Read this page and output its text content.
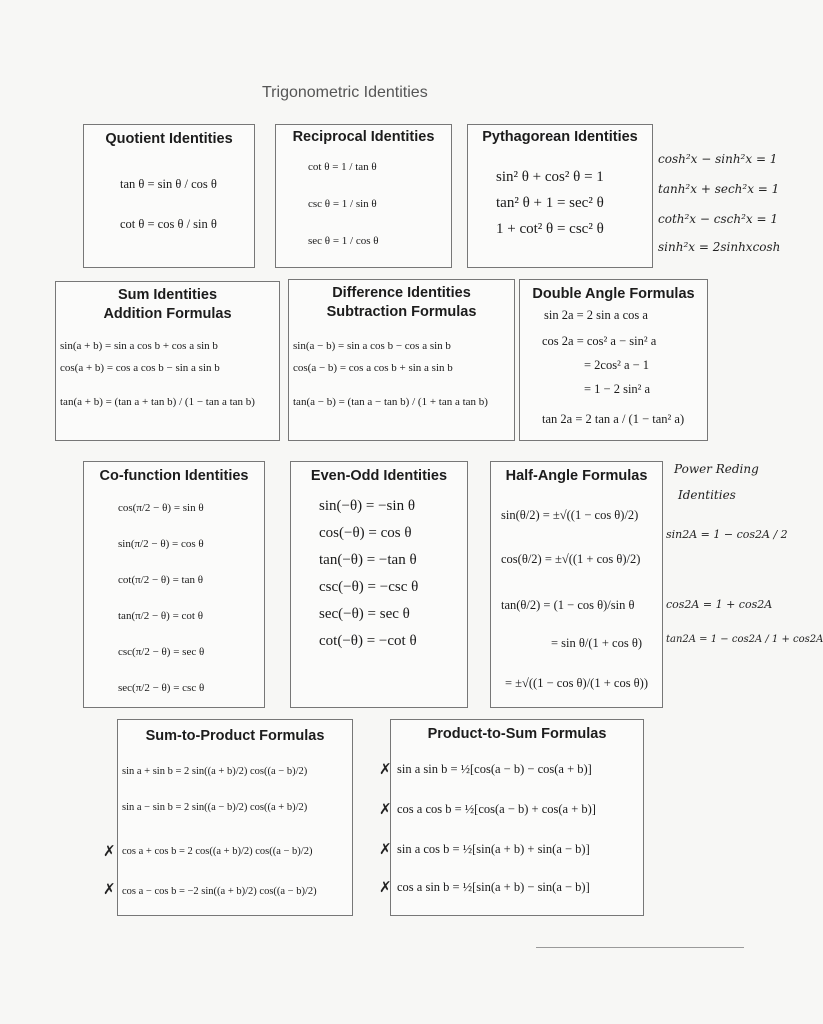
Trigonometric Identities
Quotient Identities
tan θ = sin θ / cos θ
cot θ = cos θ / sin θ
Reciprocal Identities
cot θ = 1 / tan θ
csc θ = 1 / sin θ
sec θ = 1 / cos θ
Pythagorean Identities
sin² θ + cos² θ = 1
tan² θ + 1 = sec² θ
1 + cot² θ = csc² θ
cosh²x − sinh²x = 1
tanh²x + sech²x = 1
coth²x − csch²x = 1
sinh²x = 2sinhxcosh
Sum Identities
Addition Formulas
sin(a + b) = sin a cos b + cos a sin b
cos(a + b) = cos a cos b − sin a sin b
tan(a + b) = (tan a + tan b) / (1 − tan a tan b)
Difference Identities
Subtraction Formulas
sin(a − b) = sin a cos b − cos a sin b
cos(a − b) = cos a cos b + sin a sin b
tan(a − b) = (tan a − tan b) / (1 + tan a tan b)
Double Angle Formulas
sin 2a = 2 sin a cos a
cos 2a = cos² a − sin² a
= 2cos² a − 1
= 1 − 2 sin² a
tan 2a = 2 tan a / (1 − tan² a)
Co-function Identities
cos(π/2 − θ) = sin θ
sin(π/2 − θ) = cos θ
cot(π/2 − θ) = tan θ
tan(π/2 − θ) = cot θ
csc(π/2 − θ) = sec θ
sec(π/2 − θ) = csc θ
Even-Odd Identities
sin(−θ) = −sin θ
cos(−θ) = cos θ
tan(−θ) = −tan θ
csc(−θ) = −csc θ
sec(−θ) = sec θ
cot(−θ) = −cot θ
Half-Angle Formulas
sin(θ/2) = ±√((1 − cos θ)/2)
cos(θ/2) = ±√((1 + cos θ)/2)
tan(θ/2) = (1 − cos θ)/sin θ
= sin θ/(1 + cos θ)
= ±√((1 − cos θ)/(1 + cos θ))
Power Reding
Identities
sin2A = 1 − cos2A / 2
cos2A = 1 + cos2A
tan2A = 1 − cos2A / 1 + cos2A
Sum-to-Product Formulas
sin a + sin b = 2 sin((a + b)/2) cos((a − b)/2)
sin a − sin b = 2 sin((a − b)/2) cos((a + b)/2)
cos a + cos b = 2 cos((a + b)/2) cos((a − b)/2)
cos a − cos b = −2 sin((a + b)/2) cos((a − b)/2)
Product-to-Sum Formulas
sin a sin b = ½[cos(a − b) − cos(a + b)]
cos a cos b = ½[cos(a − b) + cos(a + b)]
sin a cos b = ½[sin(a + b) + sin(a − b)]
cos a sin b = ½[sin(a + b) − sin(a − b)]
✗
✗
✗
✗
✗
✗
